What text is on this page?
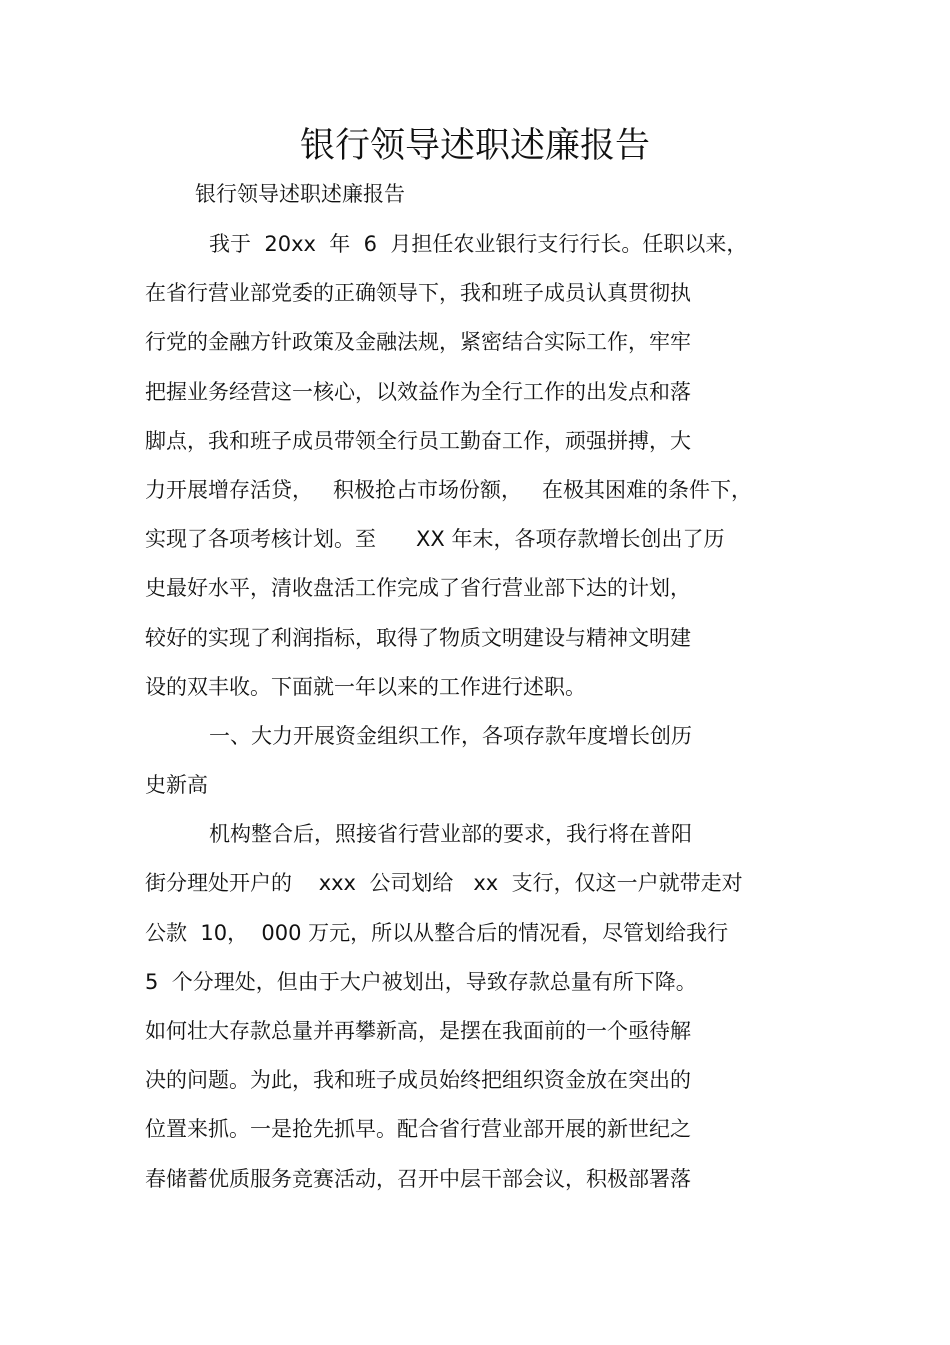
银行领导述职述廉报告
银行领导述职述廉报告
我于  20xx  年  6  月担任农业银行支行行长。任职以来，
在省行营业部党委的正确领导下，我和班子成员认真贯彻执
行党的金融方针政策及金融法规，紧密结合实际工作，牢牢
把握业务经营这一核心，以效益作为全行工作的出发点和落
脚点，我和班子成员带领全行员工勤奋工作，顽强拼搏，大
力开展增存活贷，   积极抢占市场份额，   在极其困难的条件下，
实现了各项考核计划。至      XX 年末，各项存款增长创出了历
史最好水平，清收盘活工作完成了省行营业部下达的计划，
较好的实现了利润指标，取得了物质文明建设与精神文明建
设的双丰收。下面就一年以来的工作进行述职。
一、大力开展资金组织工作，各项存款年度增长创历
史新高
机构整合后，照接省行营业部的要求，我行将在普阳
街分理处开户的    xxx  公司划给   xx  支行，仅这一户就带走对
公款  10，  000 万元，所以从整合后的情况看，尽管划给我行
5  个分理处，但由于大户被划出，导致存款总量有所下降。
如何壮大存款总量并再攀新高，是摆在我面前的一个亟待解
决的问题。为此，我和班子成员始终把组织资金放在突出的
位置来抓。一是抢先抓早。配合省行营业部开展的新世纪之
春储蓄优质服务竞赛活动，召开中层干部会议，积极部署落
